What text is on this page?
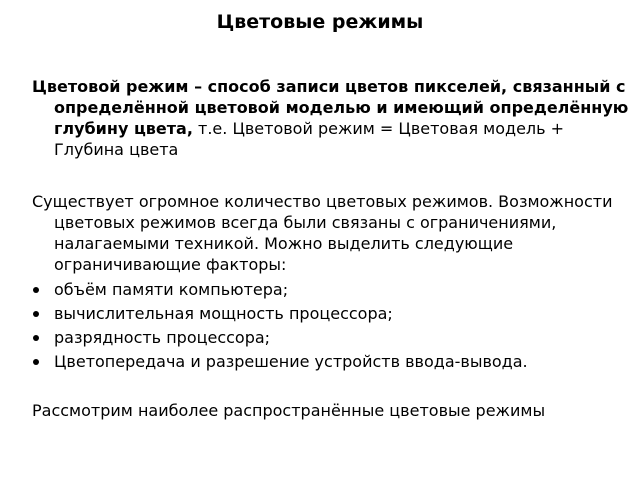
Цветовые режимы
Цветовой режим – способ записи цветов пикселей, связанный с определённой цветовой моделью и имеющий определённую глубину цвета, т.е. Цветовой режим = Цветовая модель + Глубина цвета
Существует огромное количество цветовых режимов. Возможности цветовых режимов всегда были связаны с ограничениями, налагаемыми техникой. Можно выделить следующие ограничивающие факторы:
объём памяти компьютера;
вычислительная мощность процессора;
разрядность процессора;
Цветопередача и разрешение устройств ввода-вывода.
Рассмотрим наиболее распространённые цветовые режимы
